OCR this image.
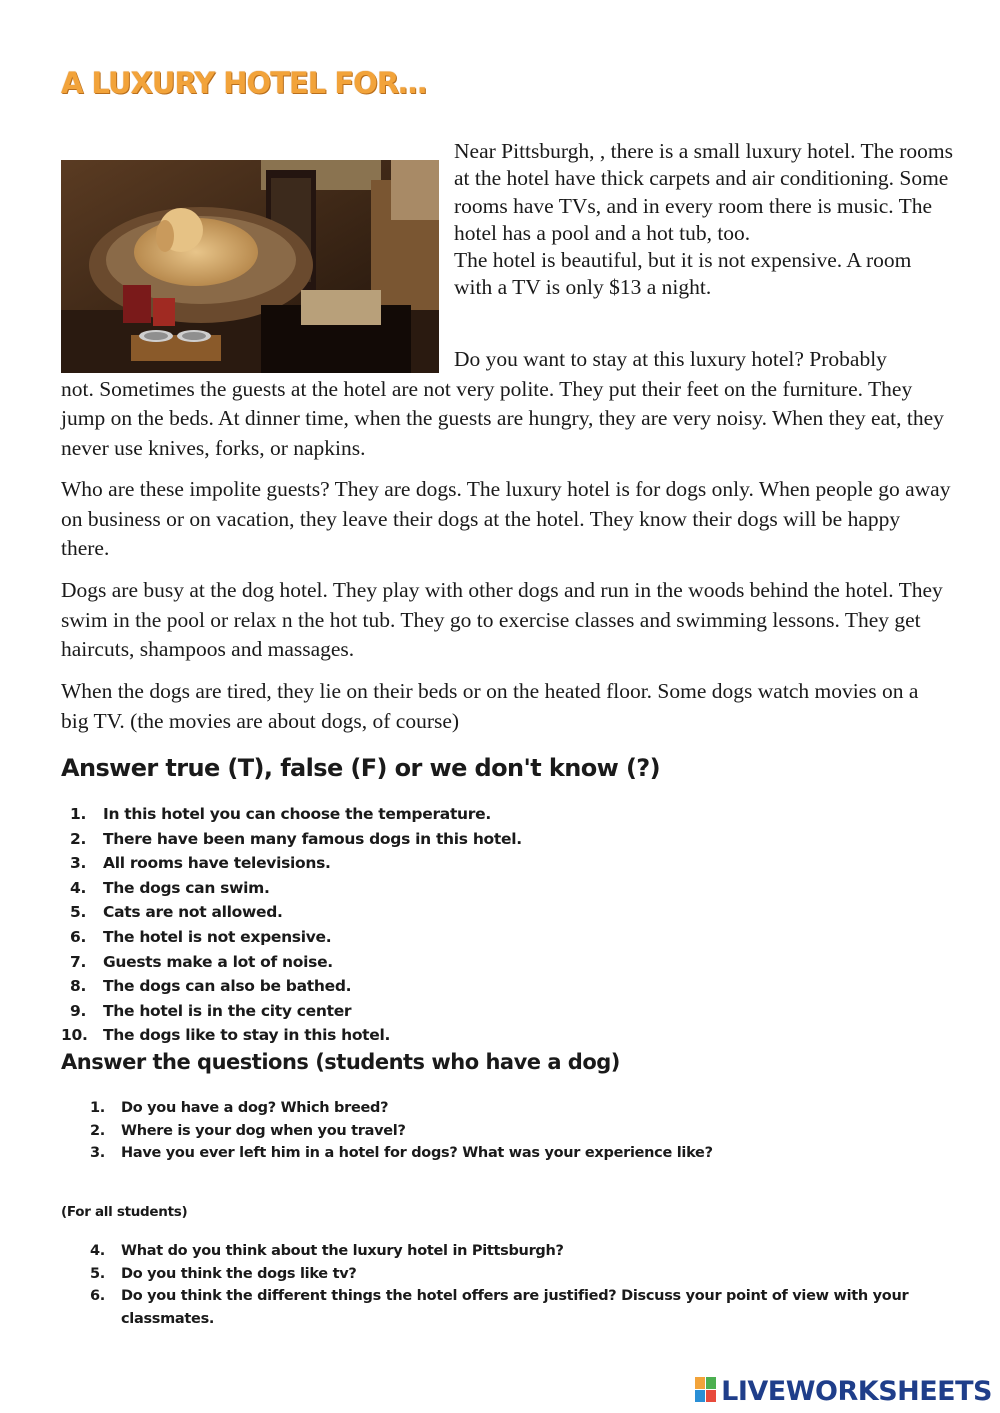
A LUXURY HOTEL FOR…
Near Pittsburgh, , there is a small luxury hotel. The rooms at the hotel have thick carpets and air conditioning. Some rooms have TVs, and in every room there is music. The hotel has a pool and a hot tub, too.
The hotel is beautiful, but it is not expensive. A room with a TV is only $13 a night.

Do you want to stay at this luxury hotel? Probably
not. Sometimes the guests at the hotel are not very polite. They put their feet on the furniture. They jump on the beds. At dinner time, when the guests are hungry, they are very noisy. When they eat, they never use knives, forks, or napkins.

Who are these impolite guests? They are dogs. The luxury hotel is for dogs only. When people go away on business or on vacation, they leave their dogs at the hotel. They know their dogs will be happy there.

Dogs are busy at the dog hotel. They play with other dogs and run in the woods behind the hotel. They swim in the pool or relax n the hot tub. They go to exercise classes and swimming lessons. They get haircuts, shampoos and massages.

When the dogs are tired, they lie on their beds or on the heated floor. Some dogs watch movies on a big TV. (the movies are about dogs, of course)

Answer true (T), false (F) or we don't know (?)
1. In this hotel you can choose the temperature.
2. There have been many famous dogs in this hotel.
3. All rooms have televisions.
4. The dogs can swim.
5. Cats are not allowed.
6. The hotel is not expensive.
7. Guests make a lot of noise.
8. The dogs can also be bathed.
9. The hotel is in the city center
10. The dogs like to stay in this hotel.
Answer the questions (students who have a dog)
1.	Do you have a dog? Which breed?
2.	Where is your dog when you travel?
3.	Have you ever left him in a hotel for dogs? What was your experience like?

(For all students)

4.	What do you think about the luxury hotel in Pittsburgh?
5.	Do you think the dogs like tv?
6.	Do you think the different things the hotel offers are justified? Discuss your point of view with your classmates.
LIVEWORKSHEETS
